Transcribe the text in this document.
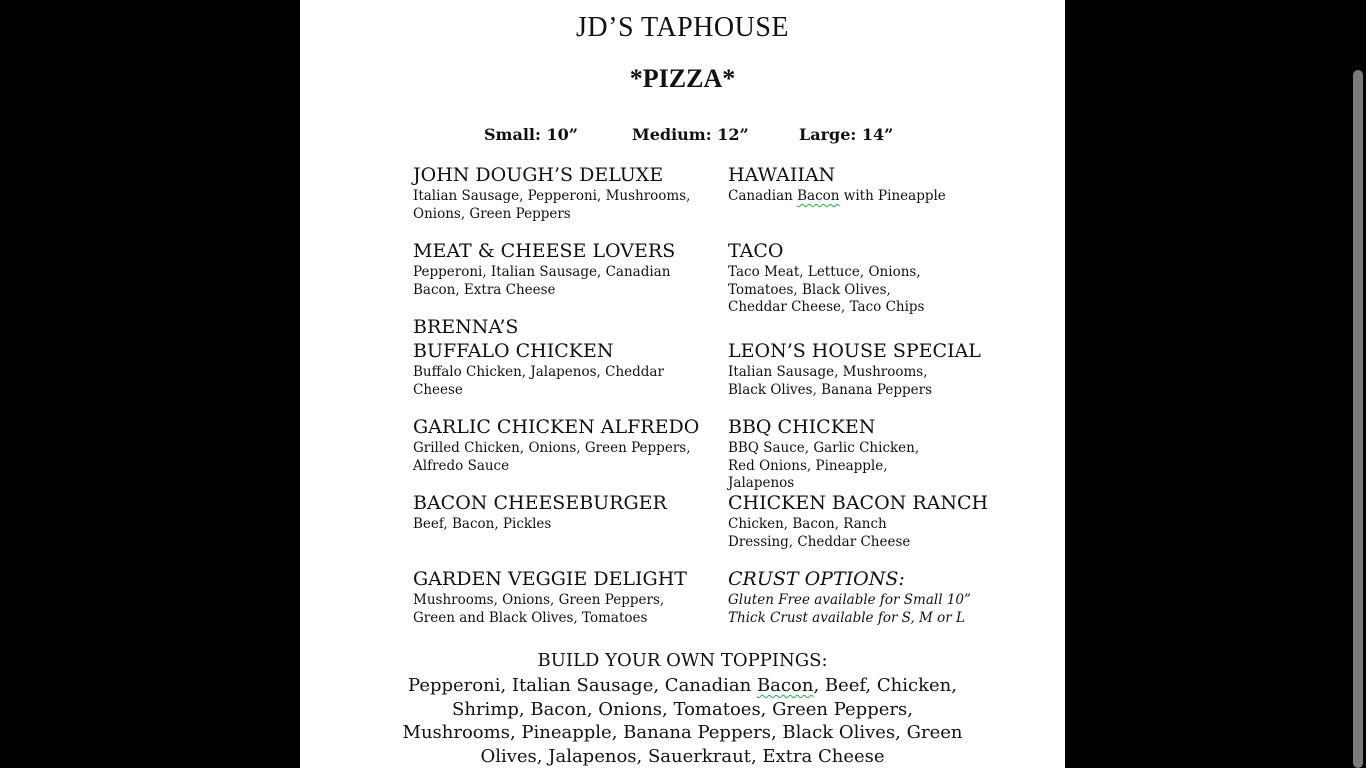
JD’S TAPHOUSE
*PIZZA*
Small: 10”	Medium: 12”	Large: 14”
JOHN DOUGH’S DELUXE
Italian Sausage, Pepperoni, Mushrooms, Onions, Green Peppers
MEAT & CHEESE LOVERS
Pepperoni, Italian Sausage, Canadian Bacon, Extra Cheese
BRENNA’S
BUFFALO CHICKEN
Buffalo Chicken, Jalapenos, Cheddar Cheese
GARLIC CHICKEN ALFREDO
Grilled Chicken, Onions, Green Peppers, Alfredo Sauce
BACON CHEESEBURGER
Beef, Bacon, Pickles
GARDEN VEGGIE DELIGHT
Mushrooms, Onions, Green Peppers, Green and Black Olives, Tomatoes
HAWAIIAN
Canadian Bacon with Pineapple
TACO
Taco Meat, Lettuce, Onions, Tomatoes, Black Olives, Cheddar Cheese, Taco Chips
LEON’S HOUSE SPECIAL
Italian Sausage, Mushrooms, Black Olives, Banana Peppers
BBQ CHICKEN
BBQ Sauce, Garlic Chicken, Red Onions, Pineapple, Jalapenos
CHICKEN BACON RANCH
Chicken, Bacon, Ranch Dressing, Cheddar Cheese
CRUST OPTIONS:
Gluten Free available for Small 10”
Thick Crust available for S, M or L
BUILD YOUR OWN TOPPINGS:
Pepperoni, Italian Sausage, Canadian Bacon, Beef, Chicken, Shrimp, Bacon, Onions, Tomatoes, Green Peppers, Mushrooms, Pineapple, Banana Peppers, Black Olives, Green Olives, Jalapenos, Sauerkraut, Extra Cheese
